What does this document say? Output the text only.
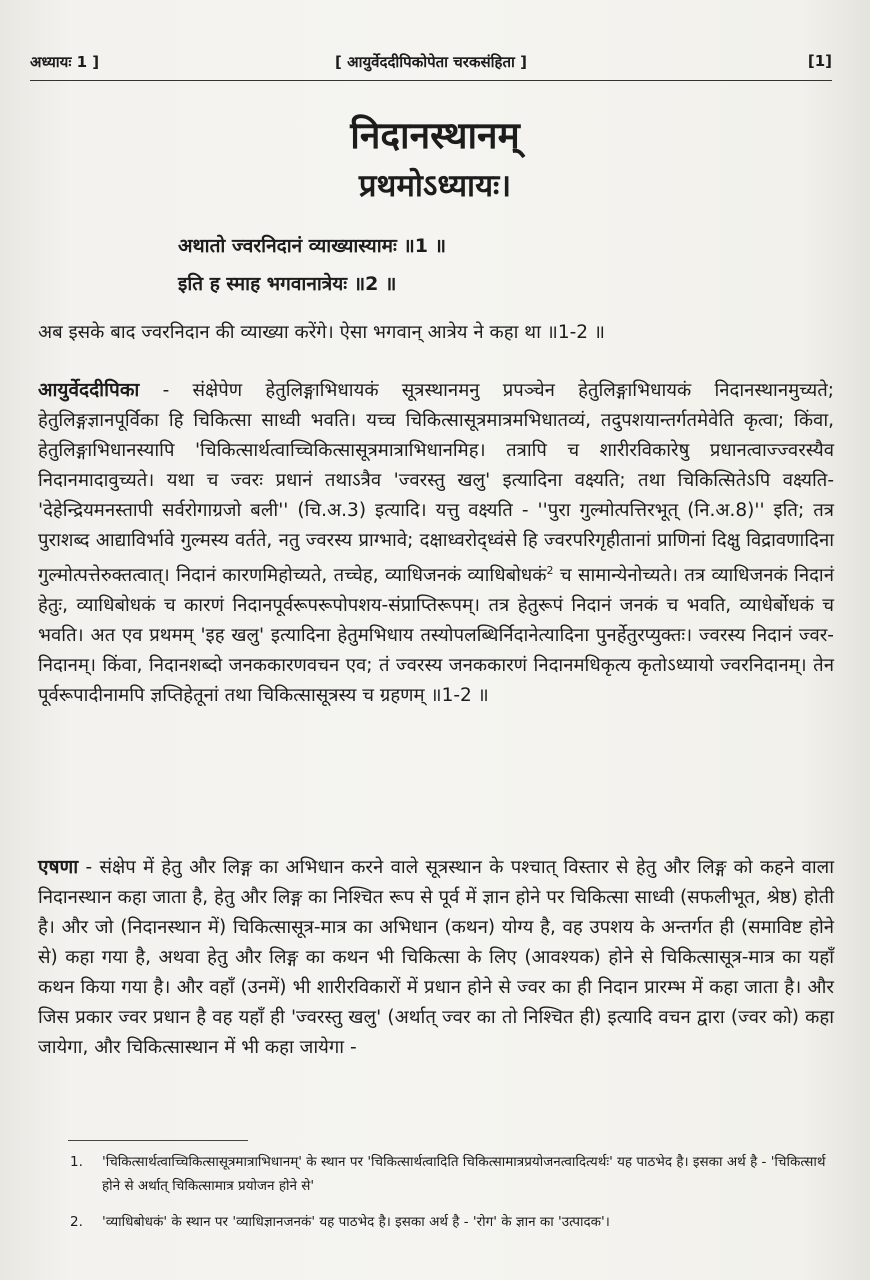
अध्यायः 1 ]	[ आयुर्वेददीपिकोपेता चरकसंहिता ]	[1]
निदानस्थानम्
प्रथमोऽध्यायः।
अथातो ज्वरनिदानं व्याख्यास्यामः ॥1 ॥
इति ह स्माह भगवानात्रेयः ॥2 ॥
अब इसके बाद ज्वरनिदान की व्याख्या करेंगे। ऐसा भगवान् आत्रेय ने कहा था ॥1-2 ॥
आयुर्वेददीपिका - संक्षेपेण हेतुलिङ्गाभिधायकं सूत्रस्थानमनु प्रपञ्चेन हेतुलिङ्गाभिधायकं निदानस्थानमुच्यते; हेतुलिङ्गज्ञानपूर्विका हि चिकित्सा साध्वी भवति। यच्च चिकित्सासूत्रमात्रमभिधातव्यं, तदुपशयान्तर्गतमेवेति कृत्वा; किंवा, हेतुलिङ्गाभिधानस्यापि 'चिकित्सार्थत्वाच्चिकित्सासूत्रमात्राभिधानमिह। तत्रापि च शारीरविकारेषु प्रधानत्वाज्ज्वरस्यैव निदानमादावुच्यते। यथा च ज्वरः प्रधानं तथाऽत्रैव 'ज्वरस्तु खलु' इत्यादिना वक्ष्यति; तथा चिकित्सितेऽपि वक्ष्यति- 'देहेन्द्रियमनस्तापी सर्वरोगाग्रजो बली'' (चि.अ.3) इत्यादि। यत्तु वक्ष्यति - ''पुरा गुल्मोत्पत्तिरभूत् (नि.अ.8)'' इति; तत्र पुराशब्द आद्याविर्भावे गुल्मस्य वर्तते, नतु ज्वरस्य प्राग्भावे; दक्षाध्वरोद्ध्वंसे हि ज्वरपरिगृहीतानां प्राणिनां दिक्षु विद्रावणादिना गुल्मोत्पत्तेरुक्तत्वात्। निदानं कारणमिहोच्यते, तच्चेह, व्याधिजनकं व्याधिबोधकं$^2$ च सामान्येनोच्यते। तत्र व्याधिजनकं निदानं हेतुः, व्याधिबोधकं च कारणं निदानपूर्वरूपरूपोपशय-संप्राप्तिरूपम्। तत्र हेतुरूपं निदानं जनकं च भवति, व्याधेर्बोधकं च भवति। अत एव प्रथमम् 'इह खलु' इत्यादिना हेतुमभिधाय तस्योपलब्धिर्निदानेत्यादिना पुनर्हेतुरप्युक्तः। ज्वरस्य निदानं ज्वर- निदानम्। किंवा, निदानशब्दो जनककारणवचन एव; तं ज्वरस्य जनककारणं निदानमधिकृत्य कृतोऽध्यायो ज्वरनिदानम्। तेन पूर्वरूपादीनामपि ज्ञप्तिहेतूनां तथा चिकित्सासूत्रस्य च ग्रहणम् ॥1-2 ॥
एषणा - संक्षेप में हेतु और लिङ्ग का अभिधान करने वाले सूत्रस्थान के पश्चात् विस्तार से हेतु और लिङ्ग को कहने वाला निदानस्थान कहा जाता है, हेतु और लिङ्ग का निश्चित रूप से पूर्व में ज्ञान होने पर चिकित्सा साध्वी (सफलीभूत, श्रेष्ठ) होती है। और जो (निदानस्थान में) चिकित्सासूत्र-मात्र का अभिधान (कथन) योग्य है, वह उपशय के अन्तर्गत ही (समाविष्ट होने से) कहा गया है, अथवा हेतु और लिङ्ग का कथन भी चिकित्सा के लिए (आवश्यक) होने से चिकित्सासूत्र-मात्र का यहाँ कथन किया गया है। और वहाँ (उनमें) भी शारीरविकारों में प्रधान होने से ज्वर का ही निदान प्रारम्भ में कहा जाता है। और जिस प्रकार ज्वर प्रधान है वह यहाँ ही 'ज्वरस्तु खलु' (अर्थात् ज्वर का तो निश्चित ही) इत्यादि वचन द्वारा (ज्वर को) कहा जायेगा, और चिकित्सास्थान में भी कहा जायेगा -
1. 'चिकित्सार्थत्वाच्चिकित्सासूत्रमात्राभिधानम्' के स्थान पर 'चिकित्सार्थत्वादिति चिकित्सामात्रप्रयोजनत्वादित्यर्थः' यह पाठभेद है। इसका अर्थ है - 'चिकित्सार्थ होने से अर्थात् चिकित्सामात्र प्रयोजन होने से'
2. 'व्याधिबोधकं' के स्थान पर 'व्याधिज्ञानजनकं' यह पाठभेद है। इसका अर्थ है - 'रोग' के ज्ञान का 'उत्पादक'।
